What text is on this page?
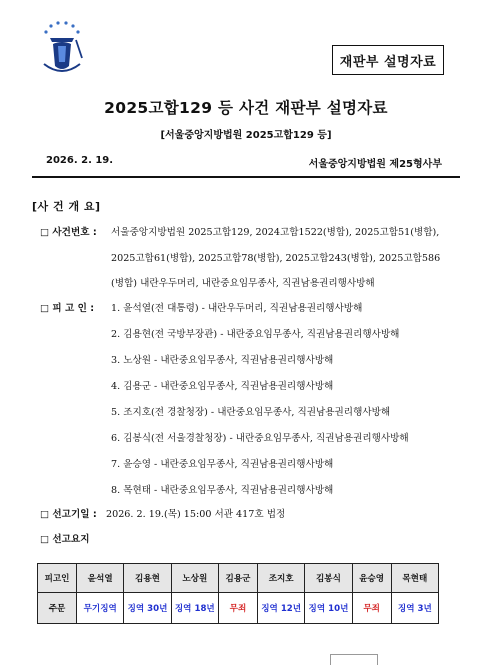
재판부 설명자료
2025고합129 등 사건 재판부 설명자료
[서울중앙지방법원 2025고합129 등]
2026. 2. 19.	서울중앙지방법원 제25형사부
[사 건 개 요]
□ 사건번호 : 서울중앙지방법원 2025고합129, 2024고합1522(병합), 2025고합51(병합),
2025고합61(병합), 2025고합78(병합), 2025고합243(병합), 2025고합586
(병합) 내란우두머리, 내란중요임무종사, 직권남용권리행사방해
□ 피 고 인 : 1. 윤석열(전 대통령) - 내란우두머리, 직권남용권리행사방해
2. 김용현(전 국방부장관) - 내란중요임무종사, 직권남용권리행사방해
3. 노상원 - 내란중요임무종사, 직권남용권리행사방해
4. 김용군 - 내란중요임무종사, 직권남용권리행사방해
5. 조지호(전 경찰청장) - 내란중요임무종사, 직권남용권리행사방해
6. 김봉식(전 서울경찰청장) - 내란중요임무종사, 직권남용권리행사방해
7. 윤승영 - 내란중요임무종사, 직권남용권리행사방해
8. 목현태 - 내란중요임무종사, 직권남용권리행사방해
□ 선고기일 : 2026. 2. 19.(목) 15:00 서관 417호 법정
□ 선고요지
피고인	윤석열	김용현	노상원	김용군	조지호	김봉식	윤승영	목현태
주문	무기징역	징역 30년	징역 18년	무죄	징역 12년	징역 10년	무죄	징역 3년
